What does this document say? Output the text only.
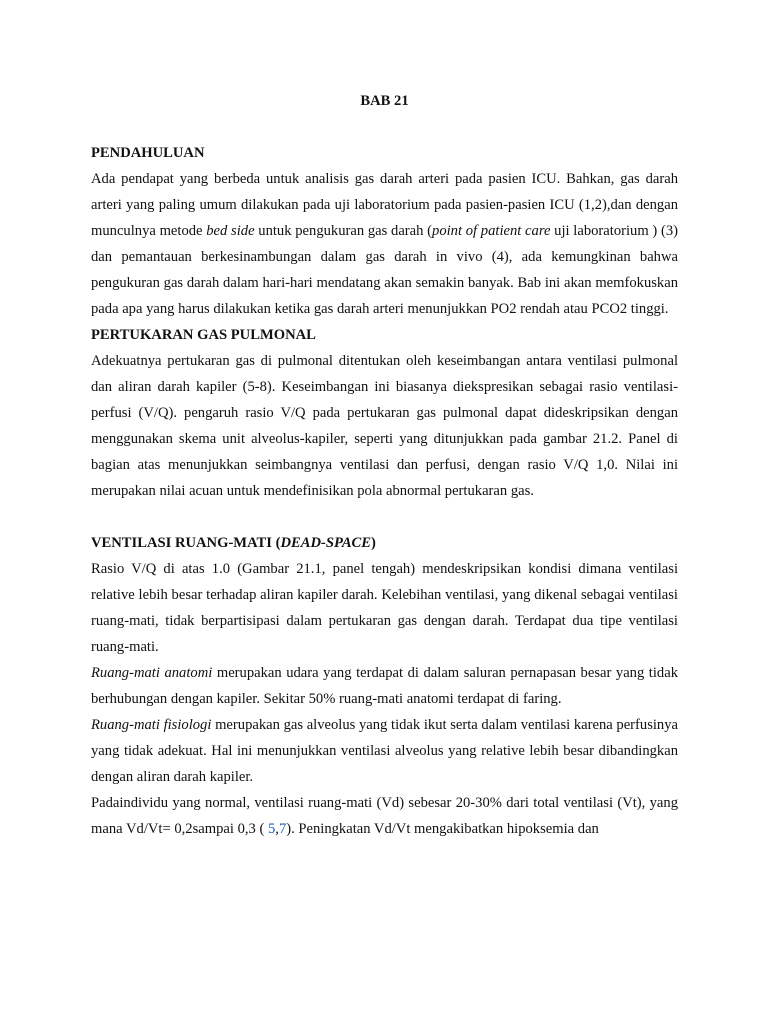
BAB 21

PENDAHULUAN

Ada pendapat yang berbeda untuk analisis gas darah arteri pada pasien ICU. Bahkan, gas darah arteri yang paling umum dilakukan pada uji laboratorium pada pasien-pasien ICU (1,2),dan dengan munculnya metode bed side untuk pengukuran gas darah (point of patient care uji laboratorium ) (3) dan pemantauan berkesinambungan dalam gas darah in vivo (4), ada kemungkinan bahwa pengukuran gas darah dalam hari-hari mendatang akan semakin banyak. Bab ini akan memfokuskan pada apa yang harus dilakukan ketika gas darah arteri menunjukkan PO2 rendah atau PCO2 tinggi.

PERTUKARAN GAS PULMONAL

Adekuatnya pertukaran gas di pulmonal ditentukan oleh keseimbangan antara ventilasi pulmonal dan aliran darah kapiler (5-8). Keseimbangan ini biasanya diekspresikan sebagai rasio ventilasi-perfusi (V/Q). pengaruh rasio V/Q pada pertukaran gas pulmonal dapat dideskripsikan dengan menggunakan skema unit alveolus-kapiler, seperti yang ditunjukkan pada gambar 21.2. Panel di bagian atas menunjukkan seimbangnya ventilasi dan perfusi, dengan rasio V/Q 1,0. Nilai ini merupakan nilai acuan untuk mendefinisikan pola abnormal pertukaran gas.

VENTILASI RUANG-MATI (DEAD-SPACE)

Rasio V/Q di atas 1.0 (Gambar 21.1, panel tengah) mendeskripsikan kondisi dimana ventilasi relative lebih besar terhadap aliran kapiler darah. Kelebihan ventilasi, yang dikenal sebagai ventilasi ruang-mati, tidak berpartisipasi dalam pertukaran gas dengan darah. Terdapat dua tipe ventilasi ruang-mati.

Ruang-mati anatomi merupakan udara yang terdapat di dalam saluran pernapasan besar yang tidak berhubungan dengan kapiler. Sekitar 50% ruang-mati anatomi terdapat di faring.

Ruang-mati fisiologi merupakan gas alveolus yang tidak ikut serta dalam ventilasi karena perfusinya yang tidak adekuat. Hal ini menunjukkan ventilasi alveolus yang relative lebih besar dibandingkan dengan aliran darah kapiler.

Padaindividu yang normal, ventilasi ruang-mati (Vd) sebesar 20-30% dari total ventilasi (Vt), yang mana Vd/Vt= 0,2sampai 0,3 ( 5,7). Peningkatan Vd/Vt mengakibatkan hipoksemia dan
